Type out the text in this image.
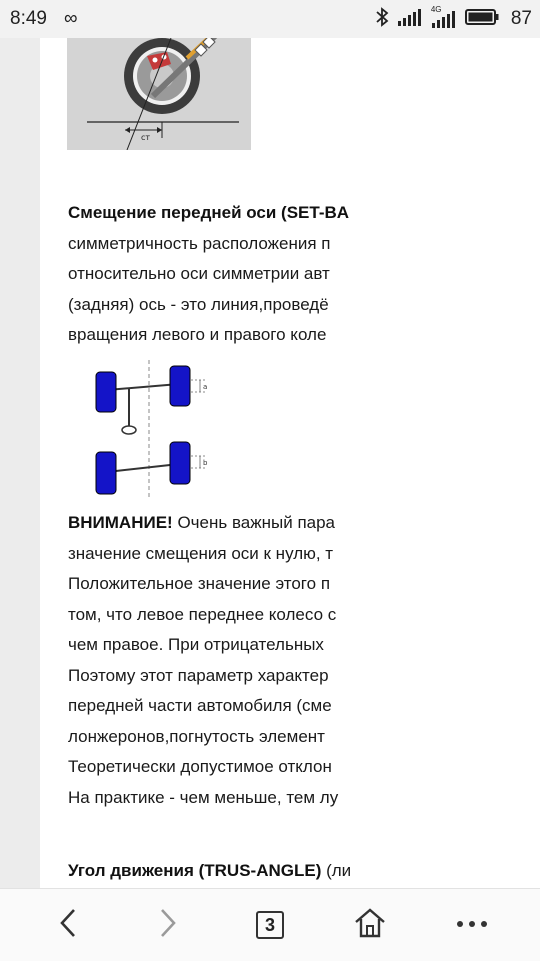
8:49 ∞	4G	87
ст

Смещение передней оси (SET-BA
симметричность расположения п
относительно оси симметрии авт
(задняя) ось - это линия,проведё
вращения левого и правого коле

a
b

ВНИМАНИЕ! Очень важный пара
значение смещения оси к нулю, т
Положительное значение этого п
том, что левое переднее колесо с
чем правое. При отрицательных
Поэтому этот параметр характер
передней части автомобиля (сме
лонжеронов,погнутость элемент
Теоретически допустимое отклон
На практике - чем меньше, тем лу

Угол движения (TRUS-ANGLE) (ли

3
